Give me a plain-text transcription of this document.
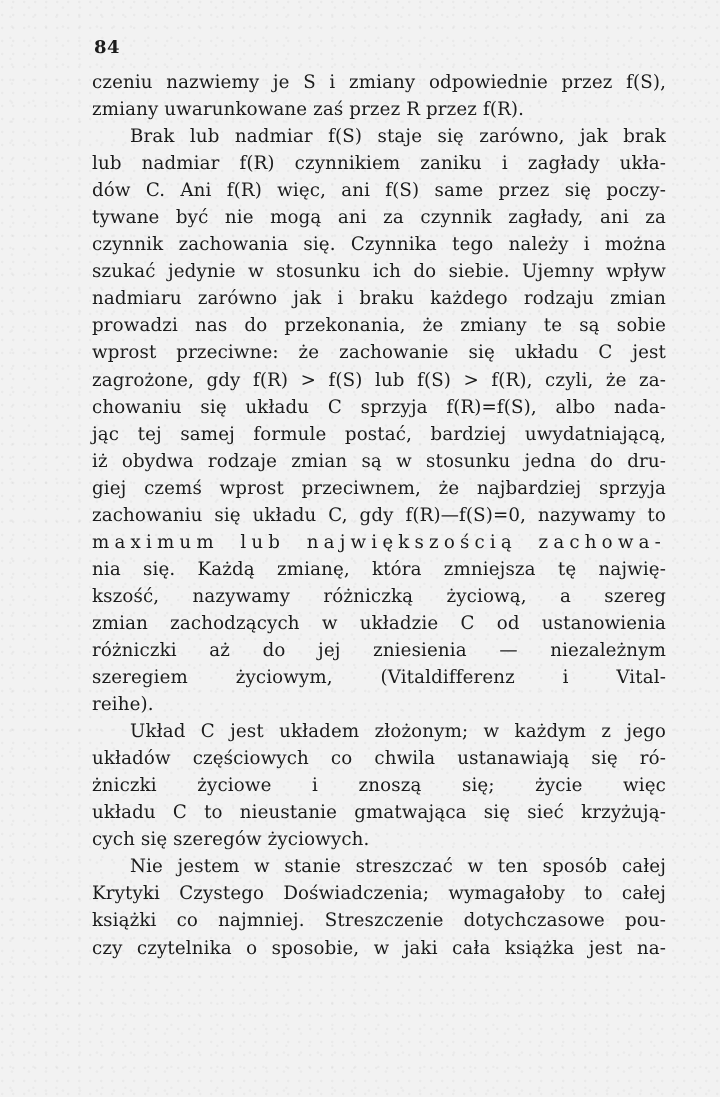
84
czeniu nazwiemy je S i zmiany odpowiednie przez f(S),
zmiany uwarunkowane zaś przez R przez f(R).
Brak lub nadmiar f(S) staje się zarówno, jak brak
lub nadmiar f(R) czynnikiem zaniku i zagłady ukła-
dów C. Ani f(R) więc, ani f(S) same przez się poczy-
tywane być nie mogą ani za czynnik zagłady, ani za
czynnik zachowania się. Czynnika tego należy i można
szukać jedynie w stosunku ich do siebie. Ujemny wpływ
nadmiaru zarówno jak i braku każdego rodzaju zmian
prowadzi nas do przekonania, że zmiany te są sobie
wprost przeciwne: że zachowanie się układu C jest
zagrożone, gdy f(R) > f(S) lub f(S) > f(R), czyli, że za-
chowaniu się układu C sprzyja f(R)=f(S), albo nada-
jąc tej samej formule postać, bardziej uwydatniającą,
iż obydwa rodzaje zmian są w stosunku jedna do dru-
giej czemś wprost przeciwnem, że najbardziej sprzyja
zachowaniu się układu C, gdy f(R)—f(S)=0, nazywamy to
maximum lub największością zachowa-
nia się. Każdą zmianę, która zmniejsza tę najwię-
kszość, nazywamy różniczką życiową, a szereg
zmian zachodzących w układzie C od ustanowienia
różniczki aż do jej zniesienia — niezależnym
szeregiem życiowym, (Vitaldifferenz i Vital-
reihe).
Układ C jest układem złożonym; w każdym z jego
układów częściowych co chwila ustanawiają się ró-
żniczki życiowe i znoszą się; życie więc
układu C to nieustanie gmatwająca się sieć krzyżują-
cych się szeregów życiowych.
Nie jestem w stanie streszczać w ten sposób całej
Krytyki Czystego Doświadczenia; wymagałoby to całej
książki co najmniej. Streszczenie dotychczasowe pou-
czy czytelnika o sposobie, w jaki cała książka jest na-
